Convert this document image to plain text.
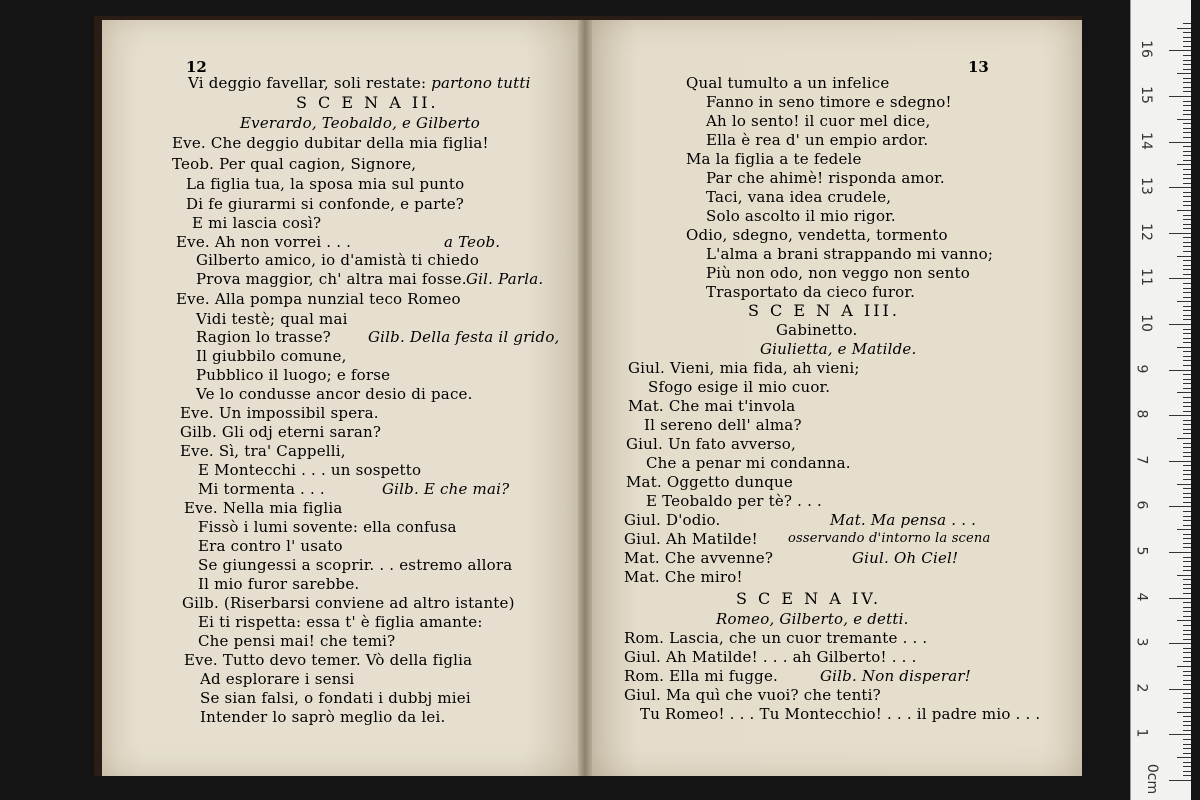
12
Vi deggio favellar, soli restate: partono tutti
S C E N A II.
Everardo, Teobaldo, e Gilberto
Eve. Che deggio dubitar della mia figlia!
Teob. Per qual cagion, Signore,
La figlia tua, la sposa mia sul punto
Di fe giurarmi si confonde, e parte?
E mi lascia così?
Eve. Ah non vorrei . . .	a Teob.
Gilberto amico, io d'amistà ti chiedo
Prova maggior, ch' altra mai fosse. Gil. Parla.
Eve. Alla pompa nunzial teco Romeo
Vidi testè; qual mai
Ragion lo trasse? Gilb. Della festa il grido,
Il giubbilo comune,
Pubblico il luogo; e forse
Ve lo condusse ancor desio di pace.
Eve. Un impossibil spera.
Gilb. Gli odj eterni saran?
Eve. Sì, tra' Cappelli,
E Montecchi . . . un sospetto
Mi tormenta . . .	Gilb. E che mai?
Eve. Nella mia figlia
Fissò i lumi sovente: ella confusa
Era contro l' usato
Se giungessi a scoprir. . . estremo allora
Il mio furor sarebbe.
Gilb. (Riserbarsi conviene ad altro istante)
Ei ti rispetta: essa t' è figlia amante:
Che pensi mai! che temi?
Eve. Tutto devo temer. Vò della figlia
Ad esplorare i sensi
Se sian falsi, o fondati i dubbj miei
Intender lo saprò meglio da lei.
13
Qual tumulto a un infelice
Fanno in seno timore e sdegno!
Ah lo sento! il cuor mel dice,
Ella è rea d' un empio ardor.
Ma la figlia a te fedele
Par che ahimè! risponda amor.
Taci, vana idea crudele,
Solo ascolto il mio rigor.
Odio, sdegno, vendetta, tormento
L'alma a brani strappando mi vanno;
Più non odo, non veggo non sento
Trasportato da cieco furor.
S C E N A III.
Gabinetto.
Giulietta, e Matilde.
Giul. Vieni, mia fida, ah vieni;
Sfogo esige il mio cuor.
Mat. Che mai t'invola
Il sereno dell' alma?
Giul. Un fato avverso,
Che a penar mi condanna.
Mat. Oggetto dunque
E Teobaldo per tè? . . .
Giul. D'odio.	Mat. Ma pensa . . .
Giul. Ah Matilde! osservando d'intorno la scena
Mat. Che avvenne?	Giul. Oh Ciel!
Mat. Che miro!
S C E N A IV.
Romeo, Gilberto, e detti.
Rom. Lascia, che un cuor tremante . . .
Giul. Ah Matilde! . . . ah Gilberto! . . .
Rom. Ella mi fugge.	Gilb. Non disperar!
Giul. Ma quì che vuoi? che tenti?
Tu Romeo! . . . Tu Montecchio! . . . il padre mio . . .
0cm
1
2
3
4
5
6
7
8
9
10
11
12
13
14
15
16
